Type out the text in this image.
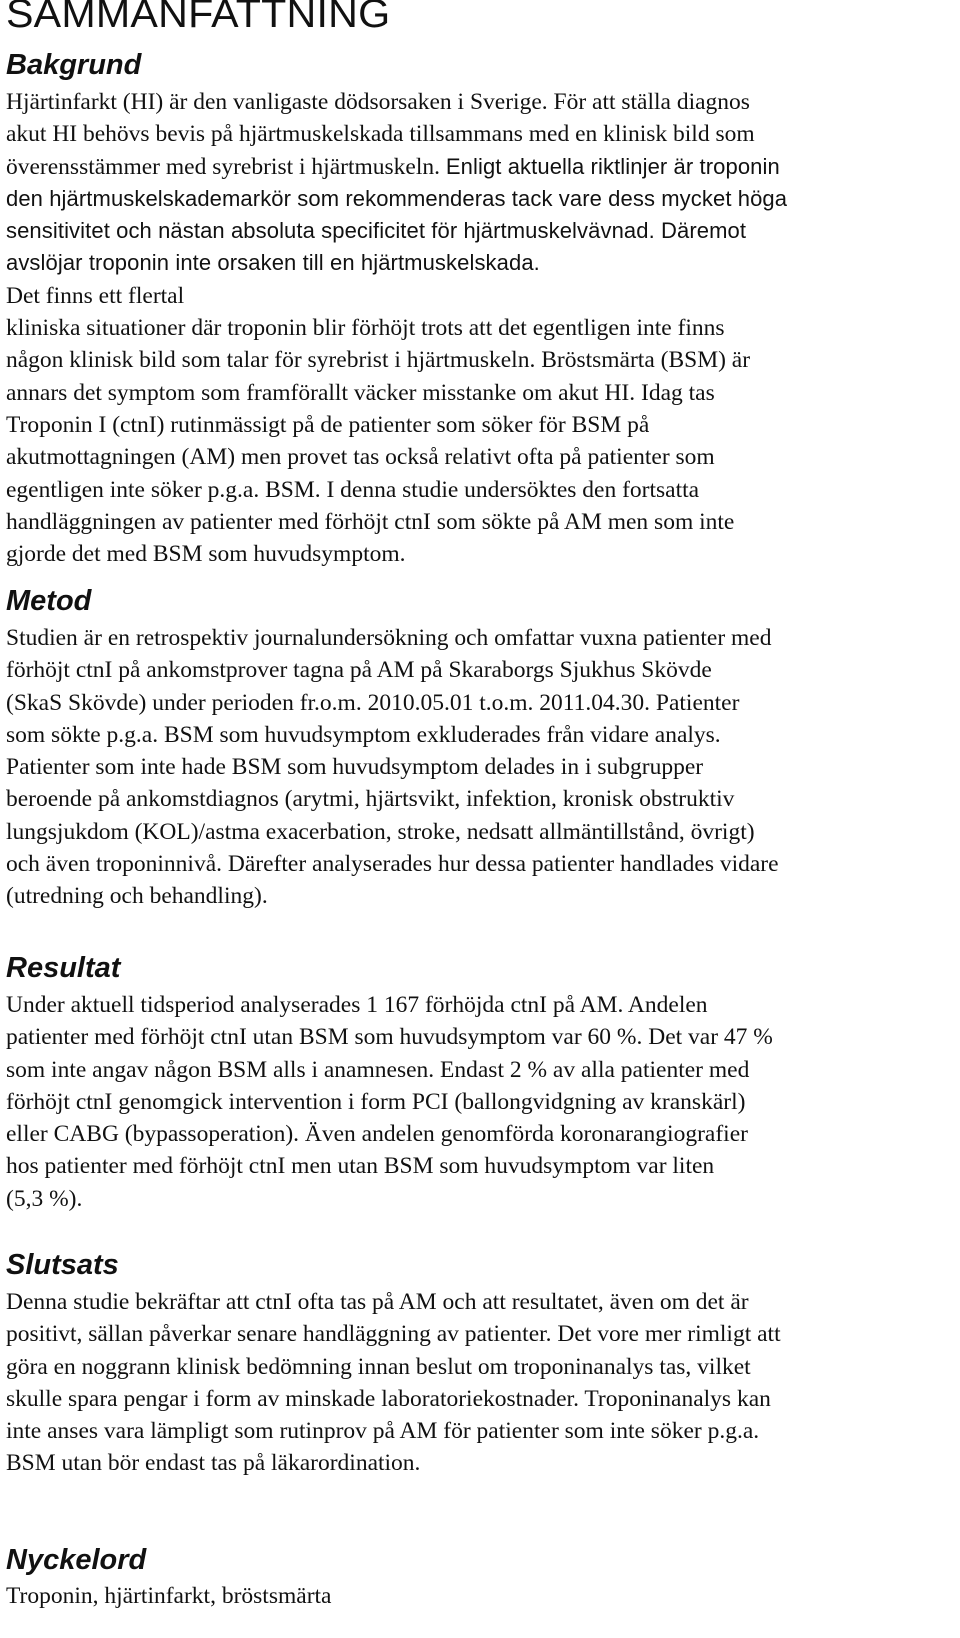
SAMMANFATTNING
Bakgrund

Hjärtinfarkt (HI) är den vanligaste dödsorsaken i Sverige. För att ställa diagnos
akut HI behövs bevis på hjärtmuskelskada tillsammans med en klinisk bild som
överensstämmer med syrebrist i hjärtmuskeln. Enligt aktuella riktlinjer är troponin
den hjärtmuskelskademarkör som rekommenderas tack vare dess mycket höga
sensitivitet och nästan absoluta specificitet för hjärtmuskelvävnad. Däremot
avslöjar troponin inte orsaken till en hjärtmuskelskada.
Det finns ett flertal
kliniska situationer där troponin blir förhöjt trots att det egentligen inte finns
någon klinisk bild som talar för syrebrist i hjärtmuskeln. Bröstsmärta (BSM) är
annars det symptom som framförallt väcker misstanke om akut HI. Idag tas
Troponin I (ctnI) rutinmässigt på de patienter som söker för BSM på
akutmottagningen (AM) men provet tas också relativt ofta på patienter som
egentligen inte söker p.g.a. BSM. I denna studie undersöktes den fortsatta
handläggningen av patienter med förhöjt ctnI som sökte på AM men som inte
gjorde det med BSM som huvudsymptom.

Metod

Studien är en retrospektiv journalundersökning och omfattar vuxna patienter med
förhöjt ctnI på ankomstprover tagna på AM på Skaraborgs Sjukhus Skövde
(SkaS Skövde) under perioden fr.o.m. 2010.05.01 t.o.m. 2011.04.30. Patienter
som sökte p.g.a. BSM som huvudsymptom exkluderades från vidare analys.
Patienter som inte hade BSM som huvudsymptom delades in i subgrupper
beroende på ankomstdiagnos (arytmi, hjärtsvikt, infektion, kronisk obstruktiv
lungsjukdom (KOL)/astma exacerbation, stroke, nedsatt allmäntillstånd, övrigt)
och även troponinnivå. Därefter analyserades hur dessa patienter handlades vidare
(utredning och behandling).

Resultat

Under aktuell tidsperiod analyserades 1 167 förhöjda ctnI på AM. Andelen
patienter med förhöjt ctnI utan BSM som huvudsymptom var 60 %. Det var 47 %
som inte angav någon BSM alls i anamnesen. Endast 2 % av alla patienter med
förhöjt ctnI genomgick intervention i form PCI (ballongvidgning av kranskärl)
eller CABG (bypassoperation). Även andelen genomförda koronarangiografier
hos patienter med förhöjt ctnI men utan BSM som huvudsymptom var liten
(5,3 %).

Slutsats

Denna studie bekräftar att ctnI ofta tas på AM och att resultatet, även om det är
positivt, sällan påverkar senare handläggning av patienter. Det vore mer rimligt att
göra en noggrann klinisk bedömning innan beslut om troponinanalys tas, vilket
skulle spara pengar i form av minskade laboratoriekostnader. Troponinanalys kan
inte anses vara lämpligt som rutinprov på AM för patienter som inte söker p.g.a.
BSM utan bör endast tas på läkarordination.

Nyckelord

Troponin, hjärtinfarkt, bröstsmärta
